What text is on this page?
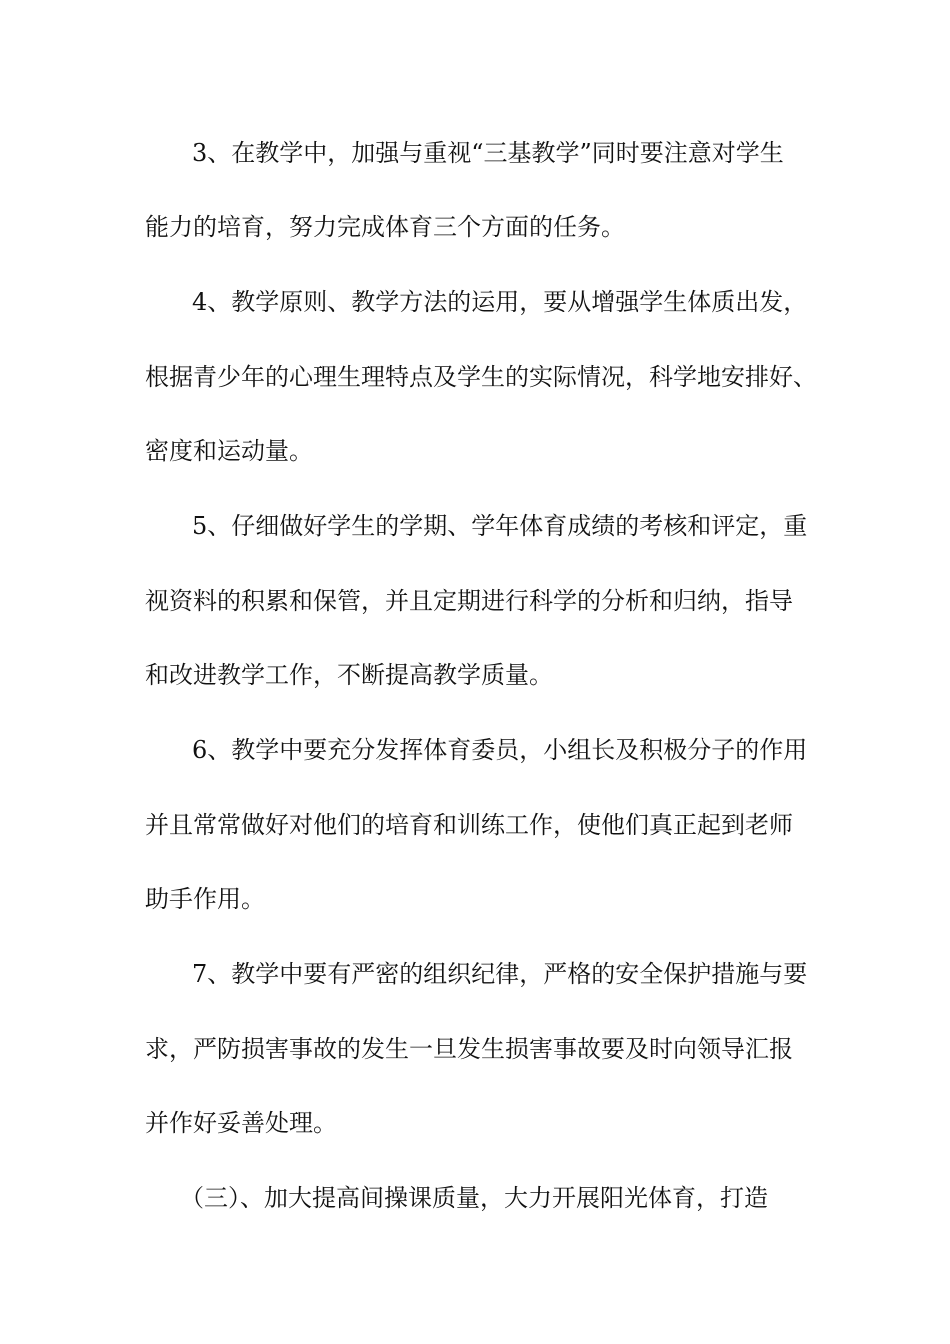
3、在教学中，加强与重视“三基教学”同时要注意对学生
能力的培育，努力完成体育三个方面的任务。
4、教学原则、教学方法的运用，要从增强学生体质出发，
根据青少年的心理生理特点及学生的实际情况，科学地安排好、
密度和运动量。
5、仔细做好学生的学期、学年体育成绩的考核和评定，重
视资料的积累和保管，并且定期进行科学的分析和归纳，指导
和改进教学工作，不断提高教学质量。
6、教学中要充分发挥体育委员，小组长及积极分子的作用
并且常常做好对他们的培育和训练工作，使他们真正起到老师
助手作用。
7、教学中要有严密的组织纪律，严格的安全保护措施与要
求，严防损害事故的发生一旦发生损害事故要及时向领导汇报
并作好妥善处理。
（三）、加大提高间操课质量，大力开展阳光体育，打造
